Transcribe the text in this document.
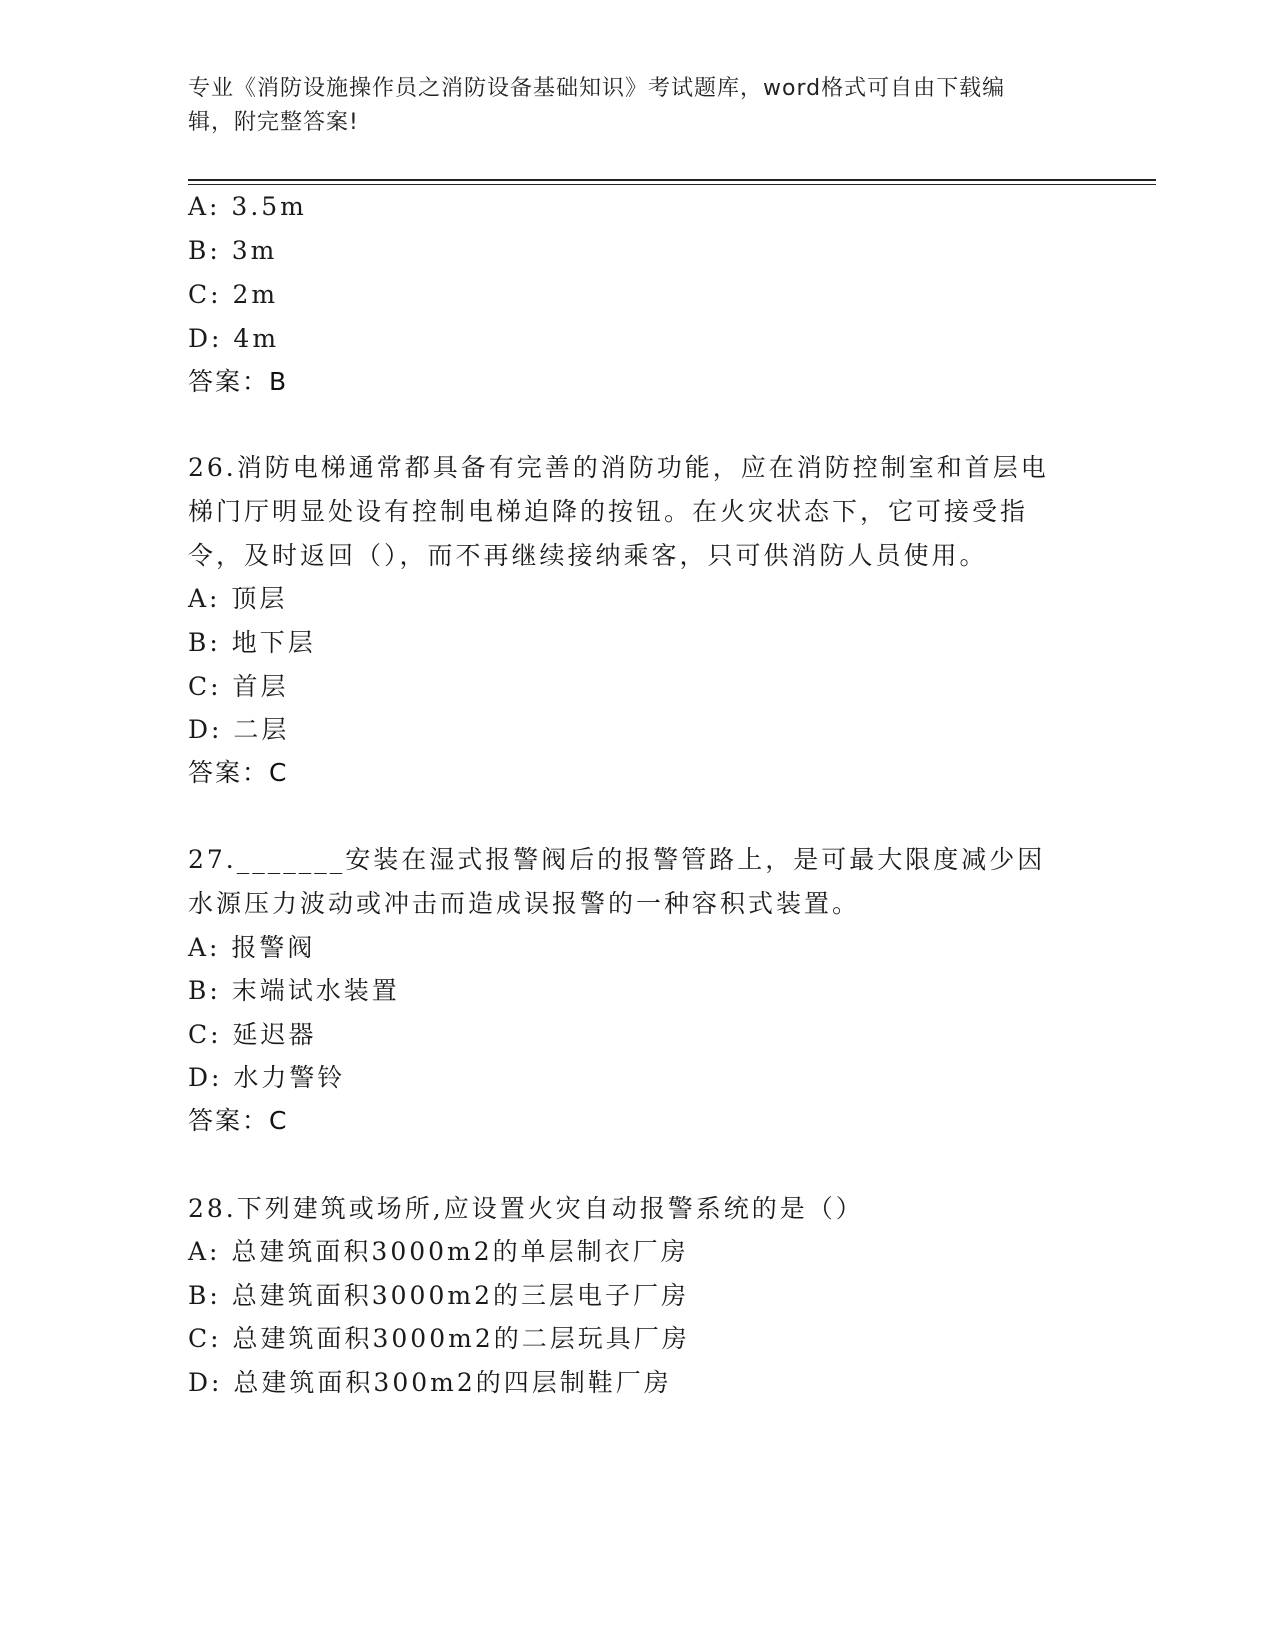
专业《消防设施操作员之消防设备基础知识》考试题库，word格式可自由下载编
辑，附完整答案!
A: 3.5m
B: 3m
C: 2m
D: 4m
答案：B
26.消防电梯通常都具备有完善的消防功能，应在消防控制室和首层电
梯门厅明显处设有控制电梯迫降的按钮。在火灾状态下，它可接受指
令，及时返回（），而不再继续接纳乘客，只可供消防人员使用。
A: 顶层
B: 地下层
C: 首层
D: 二层
答案：C
27._______安装在湿式报警阀后的报警管路上，是可最大限度减少因
水源压力波动或冲击而造成误报警的一种容积式装置。
A: 报警阀
B: 末端试水装置
C: 延迟器
D: 水力警铃
答案：C
28.下列建筑或场所,应设置火灾自动报警系统的是（）
A: 总建筑面积3000m2的单层制衣厂房
B: 总建筑面积3000m2的三层电子厂房
C: 总建筑面积3000m2的二层玩具厂房
D: 总建筑面积300m2的四层制鞋厂房
